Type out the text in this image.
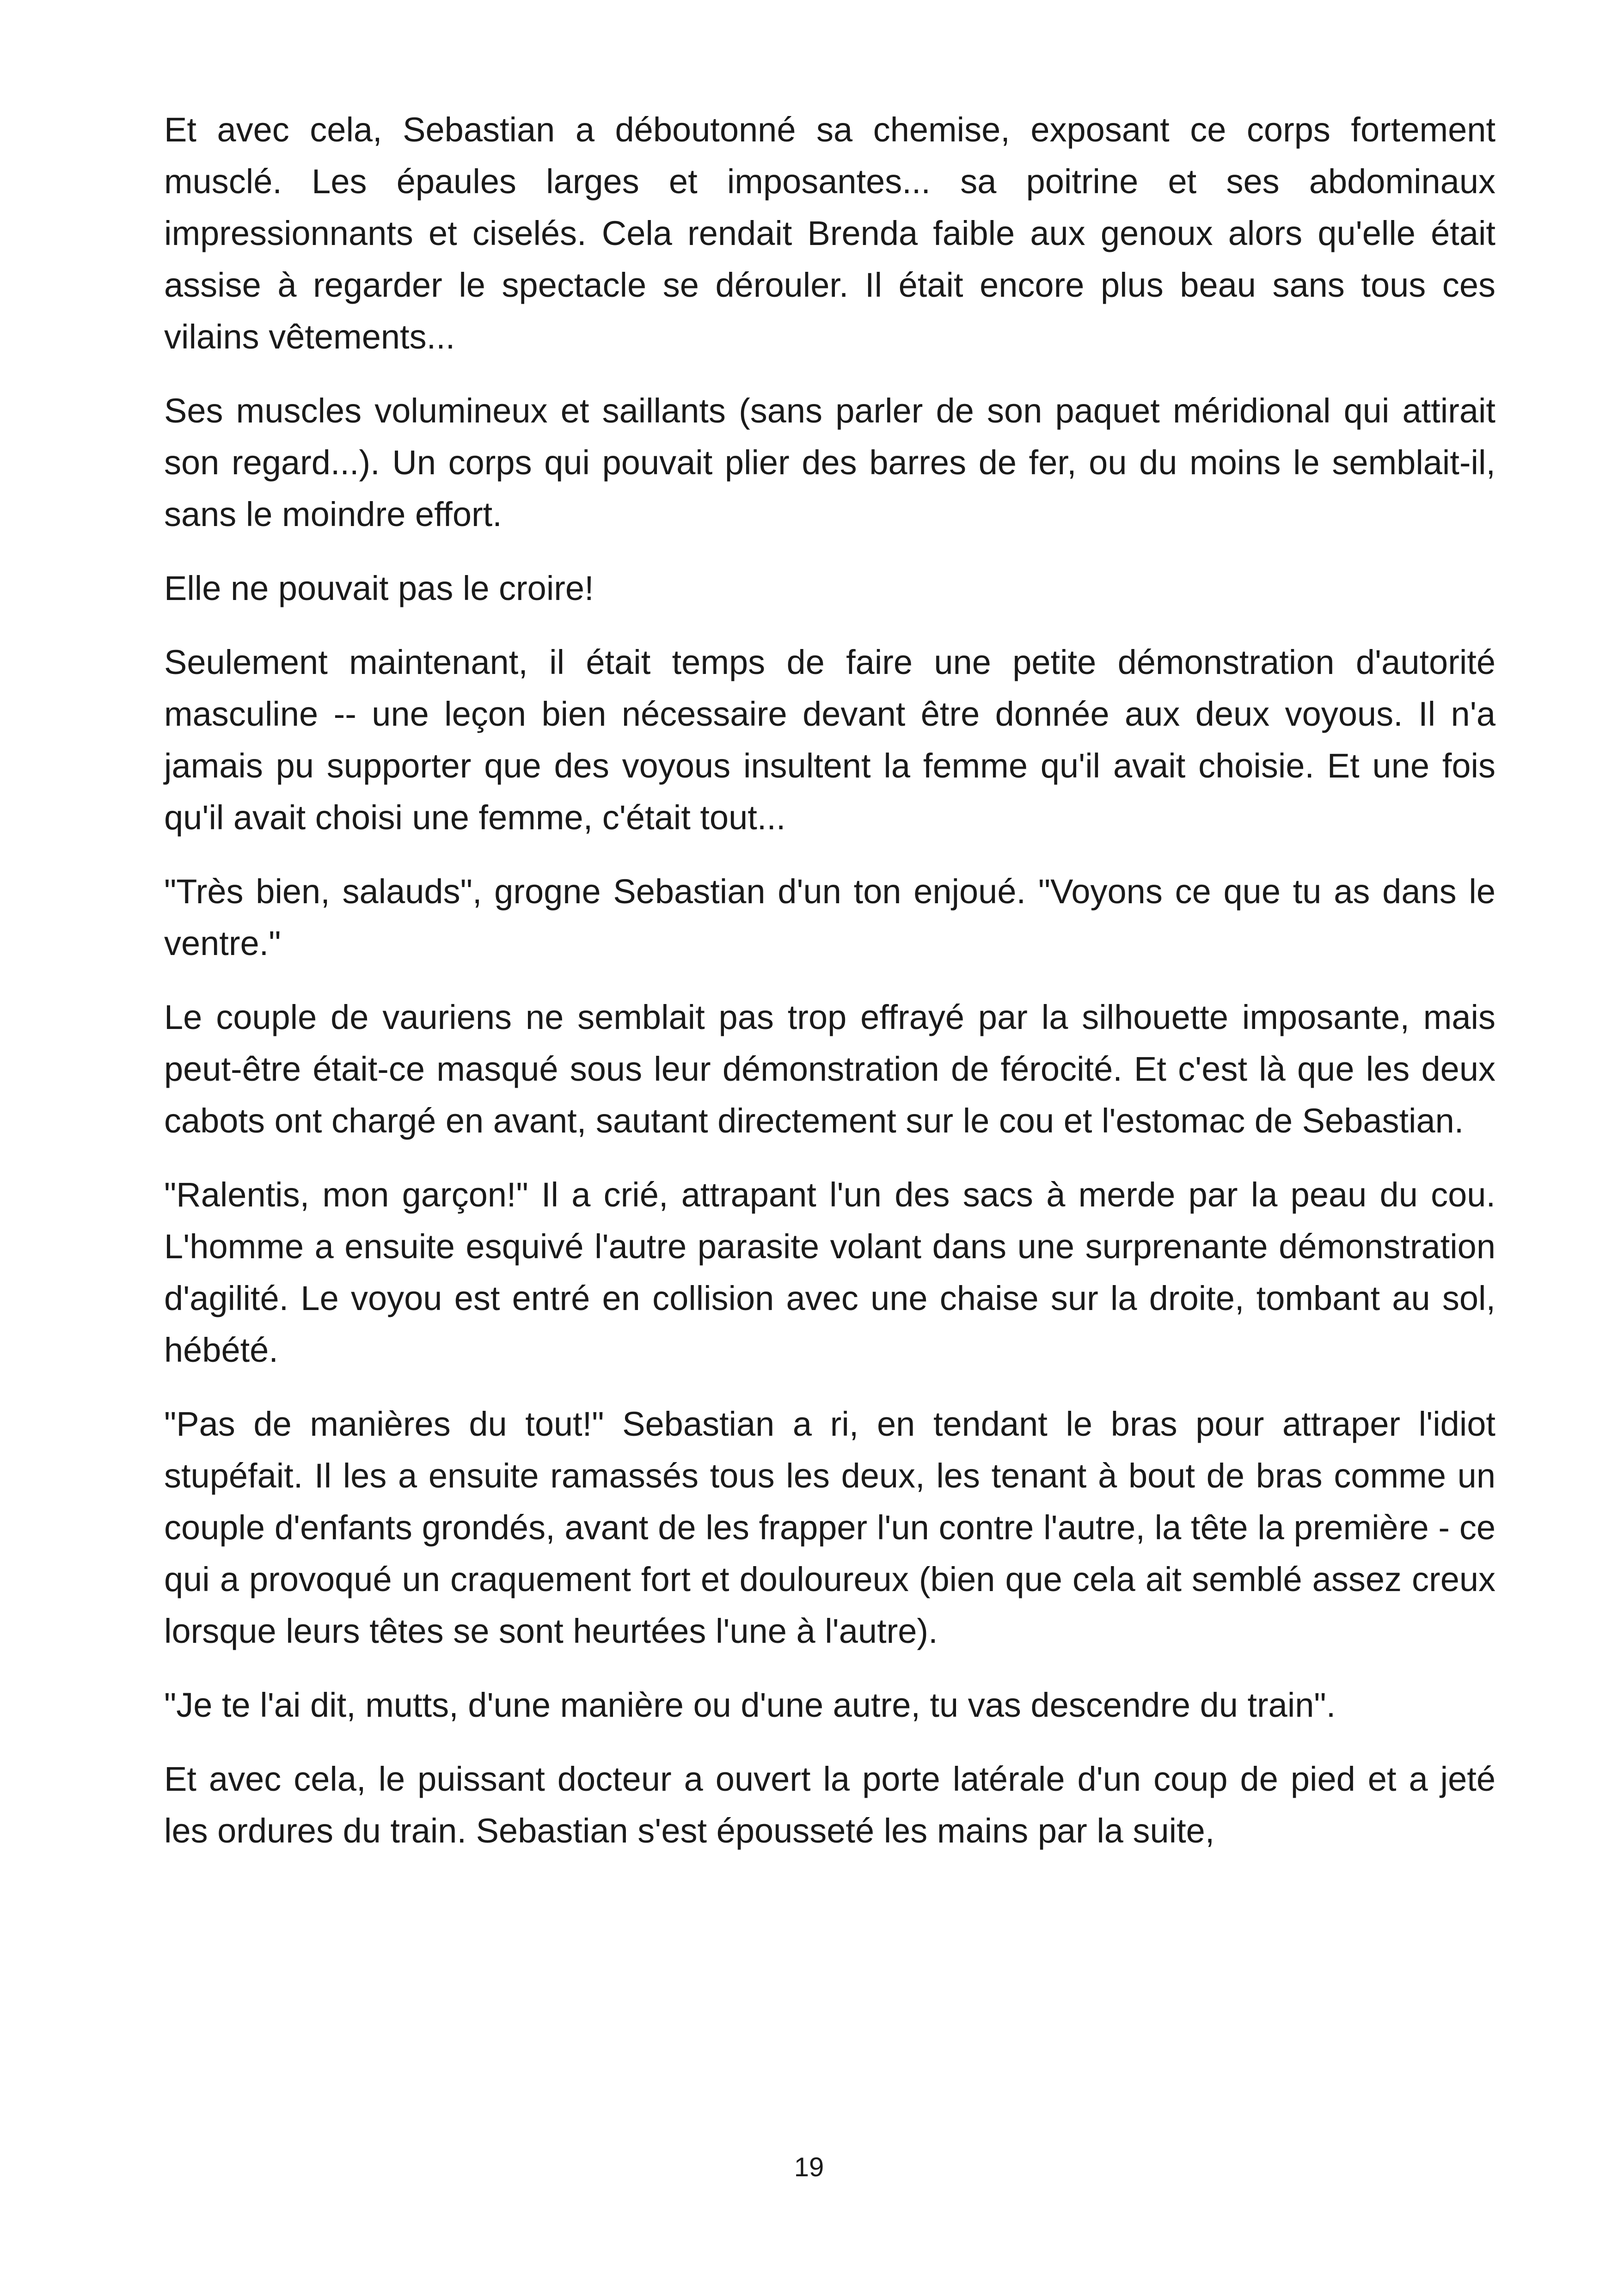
Et avec cela, Sebastian a déboutonné sa chemise, exposant ce corps fortement musclé. Les épaules larges et imposantes... sa poitrine et ses abdominaux impressionnants et ciselés. Cela rendait Brenda faible aux genoux alors qu'elle était assise à regarder le spectacle se dérouler. Il était encore plus beau sans tous ces vilains vêtements...

Ses muscles volumineux et saillants (sans parler de son paquet méridional qui attirait son regard...). Un corps qui pouvait plier des barres de fer, ou du moins le semblait-il, sans le moindre effort.

Elle ne pouvait pas le croire!

Seulement maintenant, il était temps de faire une petite démonstration d'autorité masculine -- une leçon bien nécessaire devant être donnée aux deux voyous. Il n'a jamais pu supporter que des voyous insultent la femme qu'il avait choisie. Et une fois qu'il avait choisi une femme, c'était tout...

"Très bien, salauds", grogne Sebastian d'un ton enjoué. "Voyons ce que tu as dans le ventre."

Le couple de vauriens ne semblait pas trop effrayé par la silhouette imposante, mais peut-être était-ce masqué sous leur démonstration de férocité. Et c'est là que les deux cabots ont chargé en avant, sautant directement sur le cou et l'estomac de Sebastian.

"Ralentis, mon garçon!" Il a crié, attrapant l'un des sacs à merde par la peau du cou. L'homme a ensuite esquivé l'autre parasite volant dans une surprenante démonstration d'agilité. Le voyou est entré en collision avec une chaise sur la droite, tombant au sol, hébété.

"Pas de manières du tout!" Sebastian a ri, en tendant le bras pour attraper l'idiot stupéfait. Il les a ensuite ramassés tous les deux, les tenant à bout de bras comme un couple d'enfants grondés, avant de les frapper l'un contre l'autre, la tête la première - ce qui a provoqué un craquement fort et douloureux (bien que cela ait semblé assez creux lorsque leurs têtes se sont heurtées l'une à l'autre).

"Je te l'ai dit, mutts, d'une manière ou d'une autre, tu vas descendre du train".

Et avec cela, le puissant docteur a ouvert la porte latérale d'un coup de pied et a jeté les ordures du train. Sebastian s'est épousseté les mains par la suite,

19
